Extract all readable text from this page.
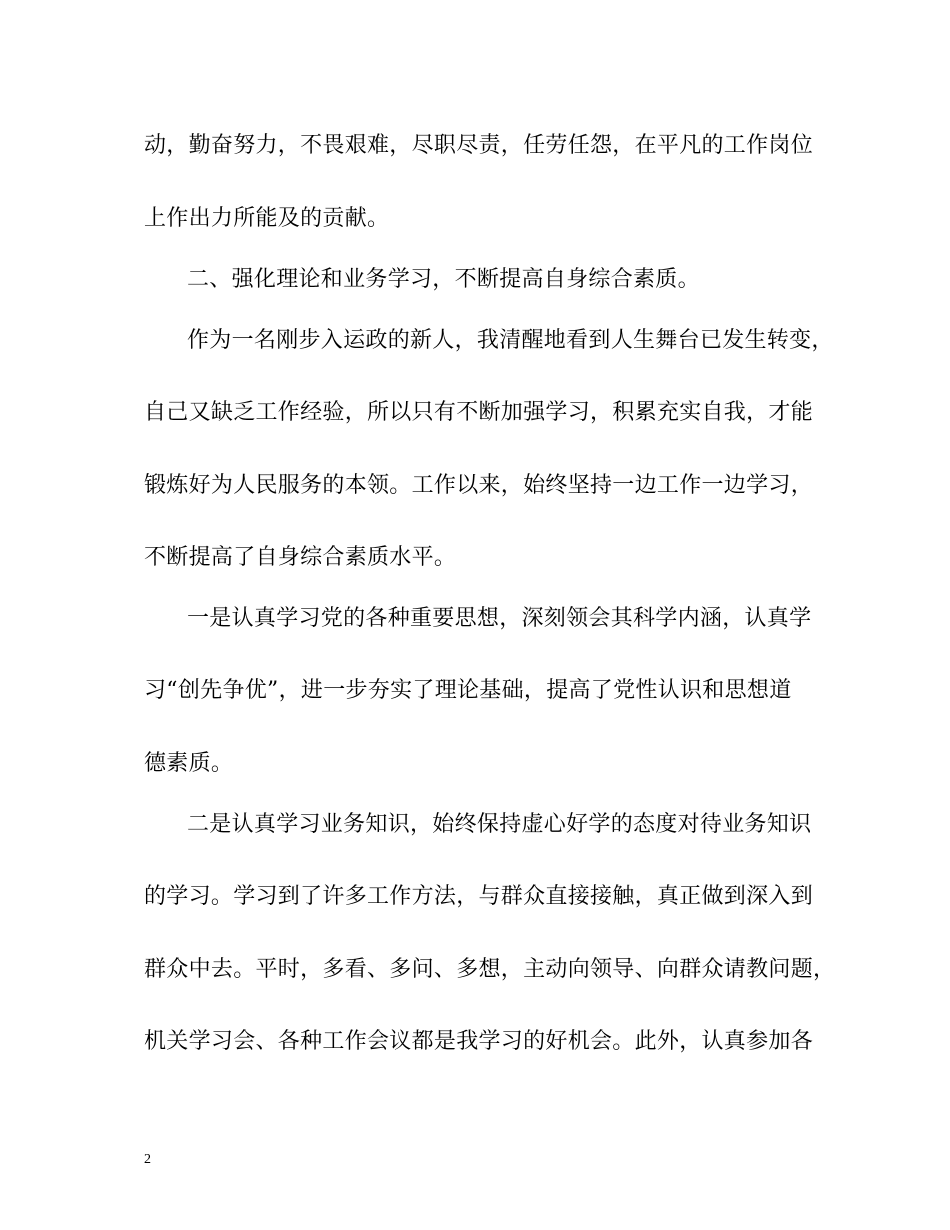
动，勤奋努力，不畏艰难，尽职尽责，任劳任怨，在平凡的工作岗位
上作出力所能及的贡献。
二、强化理论和业务学习，不断提高自身综合素质。
作为一名刚步入运政的新人，我清醒地看到人生舞台已发生转变，
自己又缺乏工作经验，所以只有不断加强学习，积累充实自我，才能
锻炼好为人民服务的本领。工作以来，始终坚持一边工作一边学习，
不断提高了自身综合素质水平。
一是认真学习党的各种重要思想，深刻领会其科学内涵，认真学
习“创先争优”，进一步夯实了理论基础，提高了党性认识和思想道
德素质。
二是认真学习业务知识，始终保持虚心好学的态度对待业务知识
的学习。学习到了许多工作方法，与群众直接接触，真正做到深入到
群众中去。平时，多看、多问、多想，主动向领导、向群众请教问题，
机关学习会、各种工作会议都是我学习的好机会。此外，认真参加各
2
